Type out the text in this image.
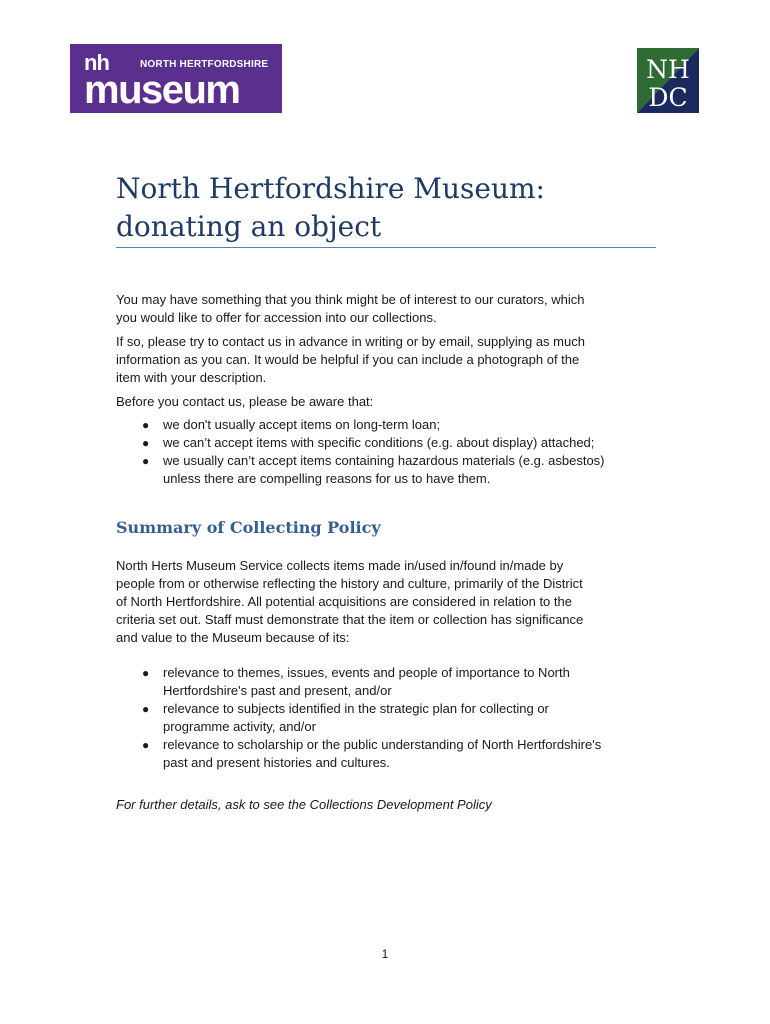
nh	NORTH HERTFORDSHIRE
museum	NH
DC
North Hertfordshire Museum:
donating an object

You may have something that you think might be of interest to our curators, which
you would like to offer for accession into our collections.

If so, please try to contact us in advance in writing or by email, supplying as much
information as you can. It would be helpful if you can include a photograph of the
item with your description.

Before you contact us, please be aware that:

● we don't usually accept items on long-term loan;
● we can’t accept items with specific conditions (e.g. about display) attached;
● we usually can’t accept items containing hazardous materials (e.g. asbestos)
unless there are compelling reasons for us to have them.
Summary of Collecting Policy

North Herts Museum Service collects items made in/used in/found in/made by
people from or otherwise reflecting the history and culture, primarily of the District
of North Hertfordshire. All potential acquisitions are considered in relation to the
criteria set out. Staff must demonstrate that the item or collection has significance
and value to the Museum because of its:

● relevance to themes, issues, events and people of importance to North
Hertfordshire's past and present, and/or
● relevance to subjects identified in the strategic plan for collecting or
programme activity, and/or
● relevance to scholarship or the public understanding of North Hertfordshire's
past and present histories and cultures.

For further details, ask to see the Collections Development Policy

1
